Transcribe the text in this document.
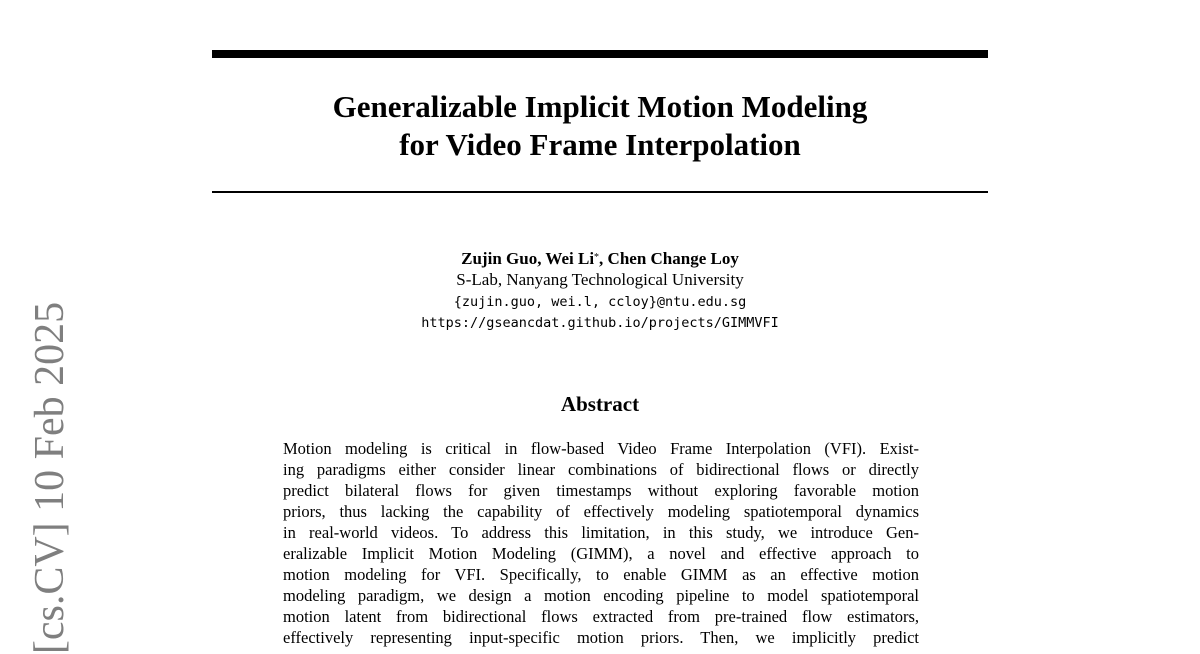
[cs.CV] 10 Feb 2025
Generalizable Implicit Motion Modeling
for Video Frame Interpolation
Zujin Guo, Wei Li*, Chen Change Loy
S-Lab, Nanyang Technological University
{zujin.guo, wei.l, ccloy}@ntu.edu.sg
https://gseancdat.github.io/projects/GIMMVFI
Abstract
Motion modeling is critical in flow-based Video Frame Interpolation (VFI). Exist-
ing paradigms either consider linear combinations of bidirectional flows or directly
predict bilateral flows for given timestamps without exploring favorable motion
priors, thus lacking the capability of effectively modeling spatiotemporal dynamics
in real-world videos. To address this limitation, in this study, we introduce Gen-
eralizable Implicit Motion Modeling (GIMM), a novel and effective approach to
motion modeling for VFI. Specifically, to enable GIMM as an effective motion
modeling paradigm, we design a motion encoding pipeline to model spatiotemporal
motion latent from bidirectional flows extracted from pre-trained flow estimators,
effectively representing input-specific motion priors. Then, we implicitly predict
